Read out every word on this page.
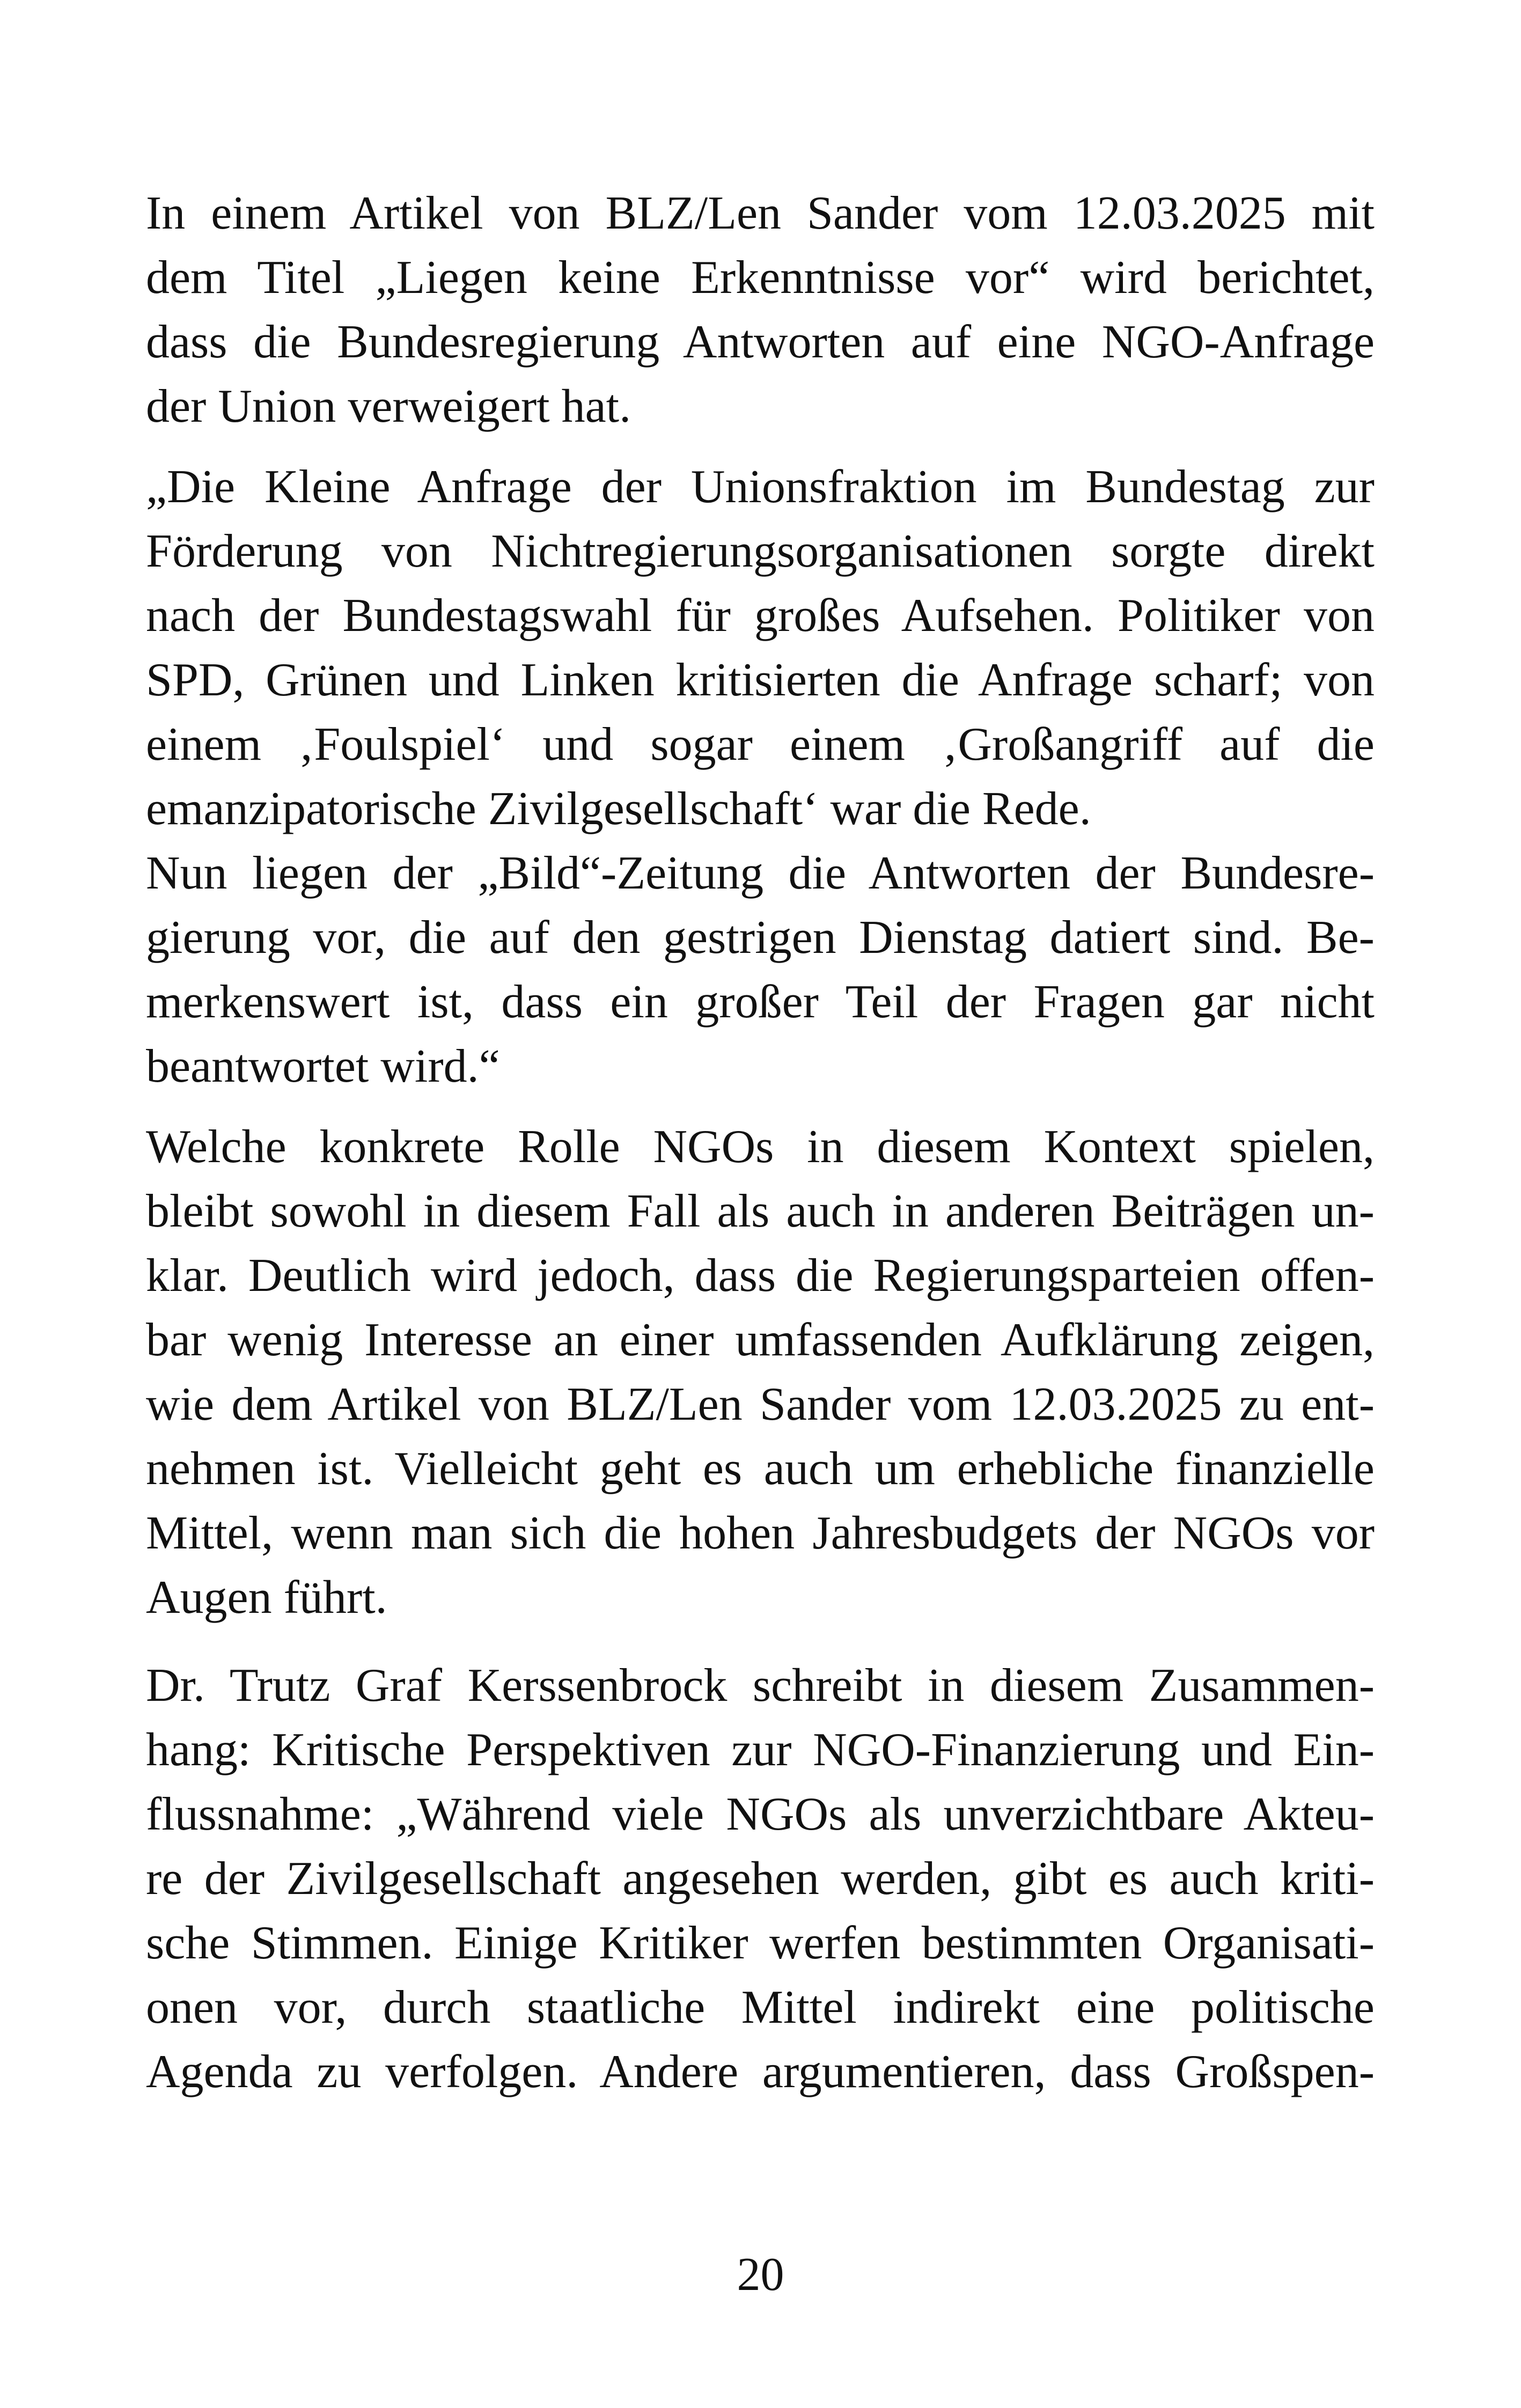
In einem Artikel von BLZ/Len Sander vom 12.03.2025 mit
dem Titel „Liegen keine Erkenntnisse vor“ wird berichtet,
dass die Bundesregierung Antworten auf eine NGO-Anfrage
der Union verweigert hat.
„Die Kleine Anfrage der Unionsfraktion im Bundestag zur
Förderung von Nichtregierungsorganisationen sorgte direkt
nach der Bundestagswahl für großes Aufsehen. Politiker von
SPD, Grünen und Linken kritisierten die Anfrage scharf; von
einem ‚Foulspiel‘ und sogar einem ‚Großangriff auf die
emanzipatorische Zivilgesellschaft‘ war die Rede.
Nun liegen der „Bild“-Zeitung die Antworten der Bundesre-
gierung vor, die auf den gestrigen Dienstag datiert sind. Be-
merkenswert ist, dass ein großer Teil der Fragen gar nicht
beantwortet wird.“
Welche konkrete Rolle NGOs in diesem Kontext spielen,
bleibt sowohl in diesem Fall als auch in anderen Beiträgen un-
klar. Deutlich wird jedoch, dass die Regierungsparteien offen-
bar wenig Interesse an einer umfassenden Aufklärung zeigen,
wie dem Artikel von BLZ/Len Sander vom 12.03.2025 zu ent-
nehmen ist. Vielleicht geht es auch um erhebliche finanzielle
Mittel, wenn man sich die hohen Jahresbudgets der NGOs vor
Augen führt.
Dr. Trutz Graf Kerssenbrock schreibt in diesem Zusammen-
hang: Kritische Perspektiven zur NGO-Finanzierung und Ein-
flussnahme: „Während viele NGOs als unverzichtbare Akteu-
re der Zivilgesellschaft angesehen werden, gibt es auch kriti-
sche Stimmen. Einige Kritiker werfen bestimmten Organisati-
onen vor, durch staatliche Mittel indirekt eine politische
Agenda zu verfolgen. Andere argumentieren, dass Großspen-
20
